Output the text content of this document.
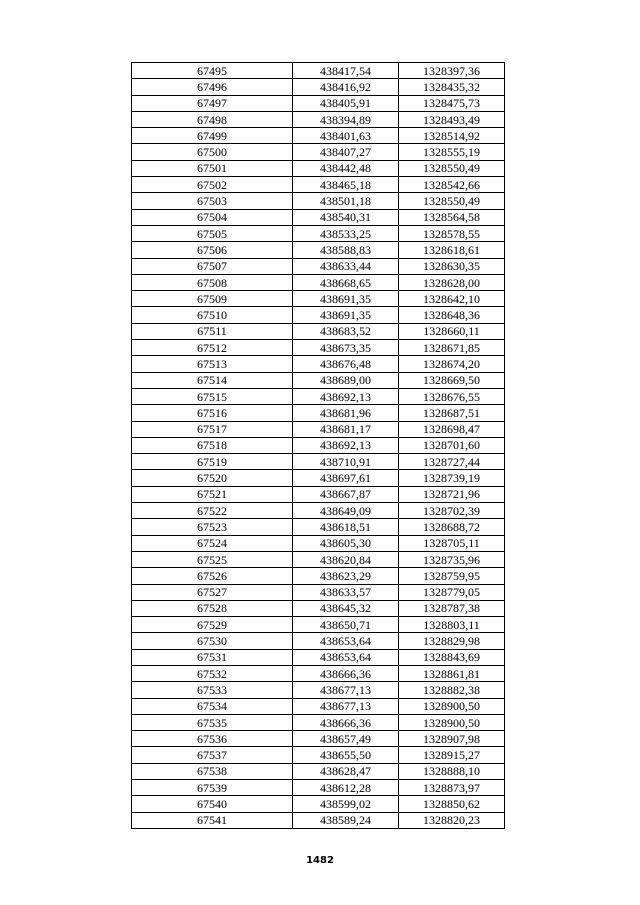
67495	438417,54	1328397,36
67496	438416,92	1328435,32
67497	438405,91	1328475,73
67498	438394,89	1328493,49
67499	438401,63	1328514,92
67500	438407,27	1328555,19
67501	438442,48	1328550,49
67502	438465,18	1328542,66
67503	438501,18	1328550,49
67504	438540,31	1328564,58
67505	438533,25	1328578,55
67506	438588,83	1328618,61
67507	438633,44	1328630,35
67508	438668,65	1328628,00
67509	438691,35	1328642,10
67510	438691,35	1328648,36
67511	438683,52	1328660,11
67512	438673,35	1328671,85
67513	438676,48	1328674,20
67514	438689,00	1328669,50
67515	438692,13	1328676,55
67516	438681,96	1328687,51
67517	438681,17	1328698,47
67518	438692,13	1328701,60
67519	438710,91	1328727,44
67520	438697,61	1328739,19
67521	438667,87	1328721,96
67522	438649,09	1328702,39
67523	438618,51	1328688,72
67524	438605,30	1328705,11
67525	438620,84	1328735,96
67526	438623,29	1328759,95
67527	438633,57	1328779,05
67528	438645,32	1328787,38
67529	438650,71	1328803,11
67530	438653,64	1328829,98
67531	438653,64	1328843,69
67532	438666,36	1328861,81
67533	438677,13	1328882,38
67534	438677,13	1328900,50
67535	438666,36	1328900,50
67536	438657,49	1328907,98
67537	438655,50	1328915,27
67538	438628,47	1328888,10
67539	438612,28	1328873,97
67540	438599,02	1328850,62
67541	438589,24	1328820,23
1482
